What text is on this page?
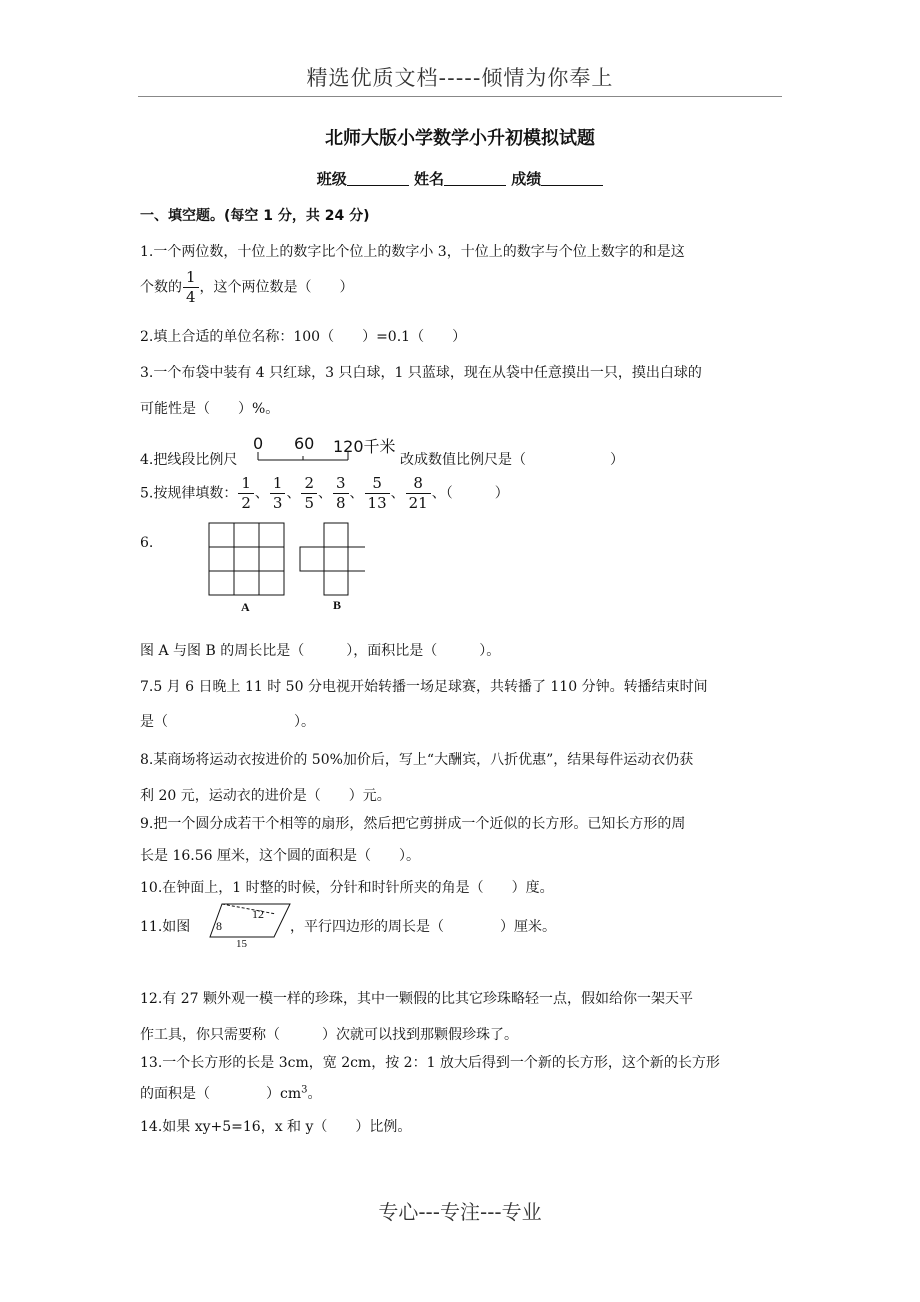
精选优质文档-----倾情为你奉上
北师大版小学数学小升初模拟试题
班级	姓名	成绩
一、填空题。(每空 1 分，共 24 分)
1.一个两位数，十位上的数字比个位上的数字小 3，十位上的数字与个位上数字的和是这
个数的 $\frac{1}{4}$ ，这个两位数是（　　）
2.填上合适的单位名称：100（　　）=0.1（　　）
3.一个布袋中装有 4 只红球，3 只白球，1 只蓝球，现在从袋中任意摸出一只，摸出白球的
可能性是（　　）%。
4.把线段比例尺
0 60 120千米
改成数值比例尺是（　　　　　　）
5.按规律填数： $\frac{1}{2}$ 、 $\frac{1}{3}$ 、 $\frac{2}{5}$ 、 $\frac{3}{8}$ 、 $\frac{5}{13}$ 、 $\frac{8}{21}$ 、（　　　）
6.
A	B
图 A 与图 B 的周长比是（　　　），面积比是（　　　）。
7.5 月 6 日晚上 11 时 50 分电视开始转播一场足球赛，共转播了 110 分钟。转播结束时间
是（　　　　　　　　　）。
8.某商场将运动衣按进价的 50%加价后，写上“大酬宾，八折优惠”，结果每件运动衣仍获
利 20 元，运动衣的进价是（　　）元。
9.把一个圆分成若干个相等的扇形，然后把它剪拼成一个近似的长方形。已知长方形的周
长是 16.56 厘米，这个圆的面积是（　　）。
10.在钟面上，1 时整的时候，分针和时针所夹的角是（　　）度。
11.如图
12
8
15
，平行四边形的周长是（　　　　）厘米。
12.有 27 颗外观一模一样的珍珠，其中一颗假的比其它珍珠略轻一点，假如给你一架天平
作工具，你只需要称（　　　）次就可以找到那颗假珍珠了。
13.一个长方形的长是 3cm，宽 2cm，按 2：1 放大后得到一个新的长方形，这个新的长方形
的面积是（　　　　）$cm^3$。
14.如果 xy+5=16，x 和 y（　　）比例。
专心---专注---专业
